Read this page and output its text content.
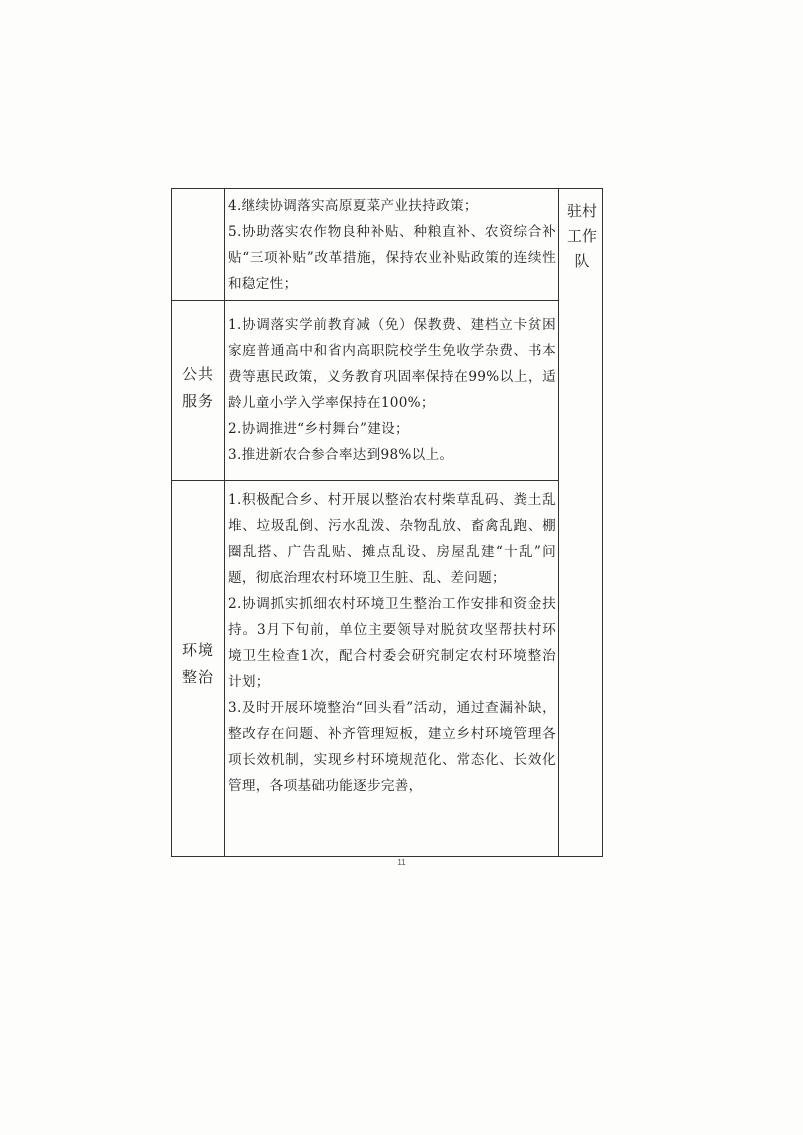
4.继续协调落实高原夏菜产业扶持政策；

5.协助落实农作物良种补贴、种粮直补、农资综合补贴“三项补贴”改革措施，保持农业补贴政策的连续性和稳定性；

公共服务

1.协调落实学前教育减（免）保教费、建档立卡贫困家庭普通高中和省内高职院校学生免收学杂费、书本费等惠民政策，义务教育巩固率保持在99%以上，适龄儿童小学入学率保持在100%；

2.协调推进“乡村舞台”建设；

3.推进新农合参合率达到98%以上。

环境整治

1.积极配合乡、村开展以整治农村柴草乱码、粪土乱堆、垃圾乱倒、污水乱泼、杂物乱放、畜禽乱跑、棚圈乱搭、广告乱贴、摊点乱设、房屋乱建“十乱”问题，彻底治理农村环境卫生脏、乱、差问题；

2.协调抓实抓细农村环境卫生整治工作安排和资金扶持。3月下旬前，单位主要领导对脱贫攻坚帮扶村环境卫生检查1次，配合村委会研究制定农村环境整治计划；

3.及时开展环境整治“回头看”活动，通过查漏补缺，整改存在问题、补齐管理短板，建立乡村环境管理各项长效机制，实现乡村环境规范化、常态化、长效化管理，各项基础功能逐步完善，

驻村
工作
队
11
